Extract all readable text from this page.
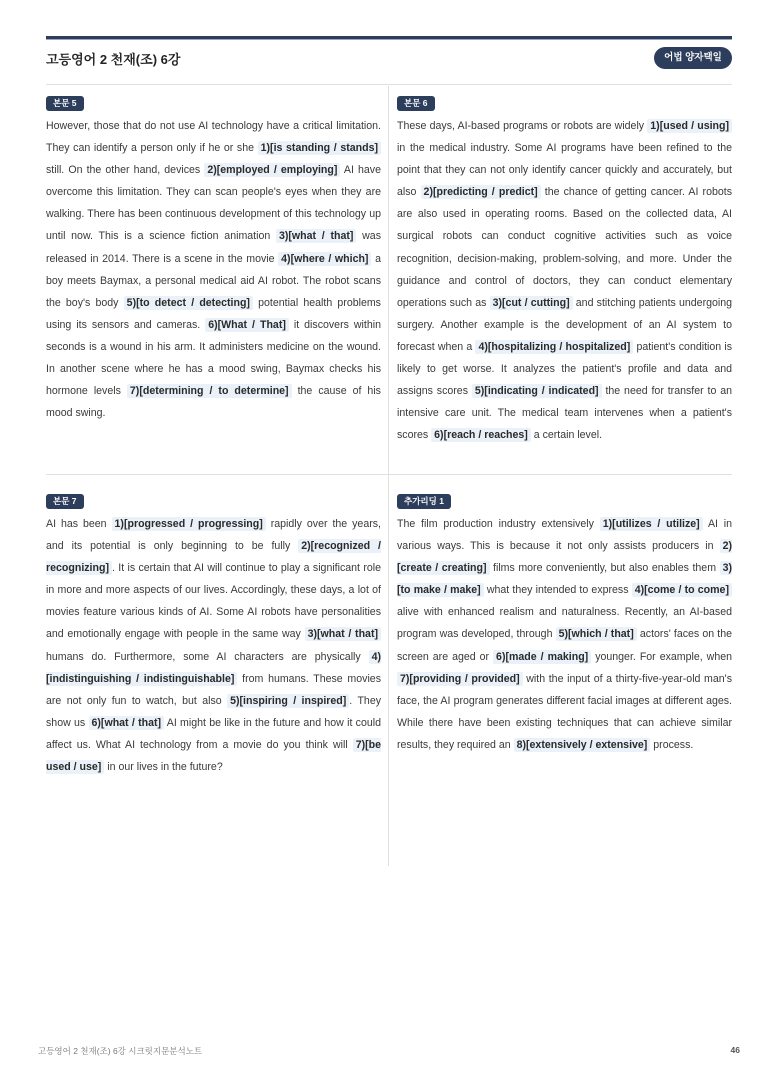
고등영어 2 천재(조) 6강	어법 양자택일
본문 5

However, those that do not use AI technology have a critical limitation. They can identify a person only if he or she 1)[is standing / stands] still. On the other hand, devices 2)[employed / employing] AI have overcome this limitation. They can scan people's eyes when they are walking. There has been continuous development of this technology up until now. This is a science fiction animation 3)[what / that] was released in 2014. There is a scene in the movie 4)[where / which] a boy meets Baymax, a personal medical aid AI robot. The robot scans the boy's body 5)[to detect / detecting] potential health problems using its sensors and cameras. 6)[What / That] it discovers within seconds is a wound in his arm. It administers medicine on the wound. In another scene where he has a mood swing, Baymax checks his hormone levels 7)[determining / to determine] the cause of his mood swing.

본문 6

These days, AI-based programs or robots are widely 1)[used / using] in the medical industry. Some AI programs have been refined to the point that they can not only identify cancer quickly and accurately, but also 2)[predicting / predict] the chance of getting cancer. AI robots are also used in operating rooms. Based on the collected data, AI surgical robots can conduct cognitive activities such as voice recognition, decision-making, problem-solving, and more. Under the guidance and control of doctors, they can conduct elementary operations such as 3)[cut / cutting] and stitching patients undergoing surgery. Another example is the development of an AI system to forecast when a 4)[hospitalizing / hospitalized] patient's condition is likely to get worse. It analyzes the patient's profile and data and assigns scores 5)[indicating / indicated] the need for transfer to an intensive care unit. The medical team intervenes when a patient's scores 6)[reach / reaches] a certain level.

본문 7

AI has been 1)[progressed / progressing] rapidly over the years, and its potential is only beginning to be fully 2)[recognized / recognizing] . It is certain that AI will continue to play a significant role in more and more aspects of our lives. Accordingly, these days, a lot of movies feature various kinds of AI. Some AI robots have personalities and emotionally engage with people in the same way 3)[what / that] humans do. Furthermore, some AI characters are physically 4)[indistinguishing / indistinguishable] from humans. These movies are not only fun to watch, but also 5)[inspiring / inspired] . They show us 6)[what / that] AI might be like in the future and how it could affect us. What AI technology from a movie do you think will 7)[be used / use] in our lives in the future?

추가리딩 1

The film production industry extensively 1)[utilizes / utilize] AI in various ways. This is because it not only assists producers in 2)[create / creating] films more conveniently, but also enables them 3)[to make / make] what they intended to express 4)[come / to come] alive with enhanced realism and naturalness. Recently, an AI-based program was developed, through 5)[which / that] actors' faces on the screen are aged or 6)[made / making] younger. For example, when 7)[providing / provided] with the input of a thirty-five-year-old man's face, the AI program generates different facial images at different ages. While there have been existing techniques that can achieve similar results, they required an 8)[extensively / extensive] process.

고등영어 2 천재(조) 6강 시크릿지문분석노트	46
